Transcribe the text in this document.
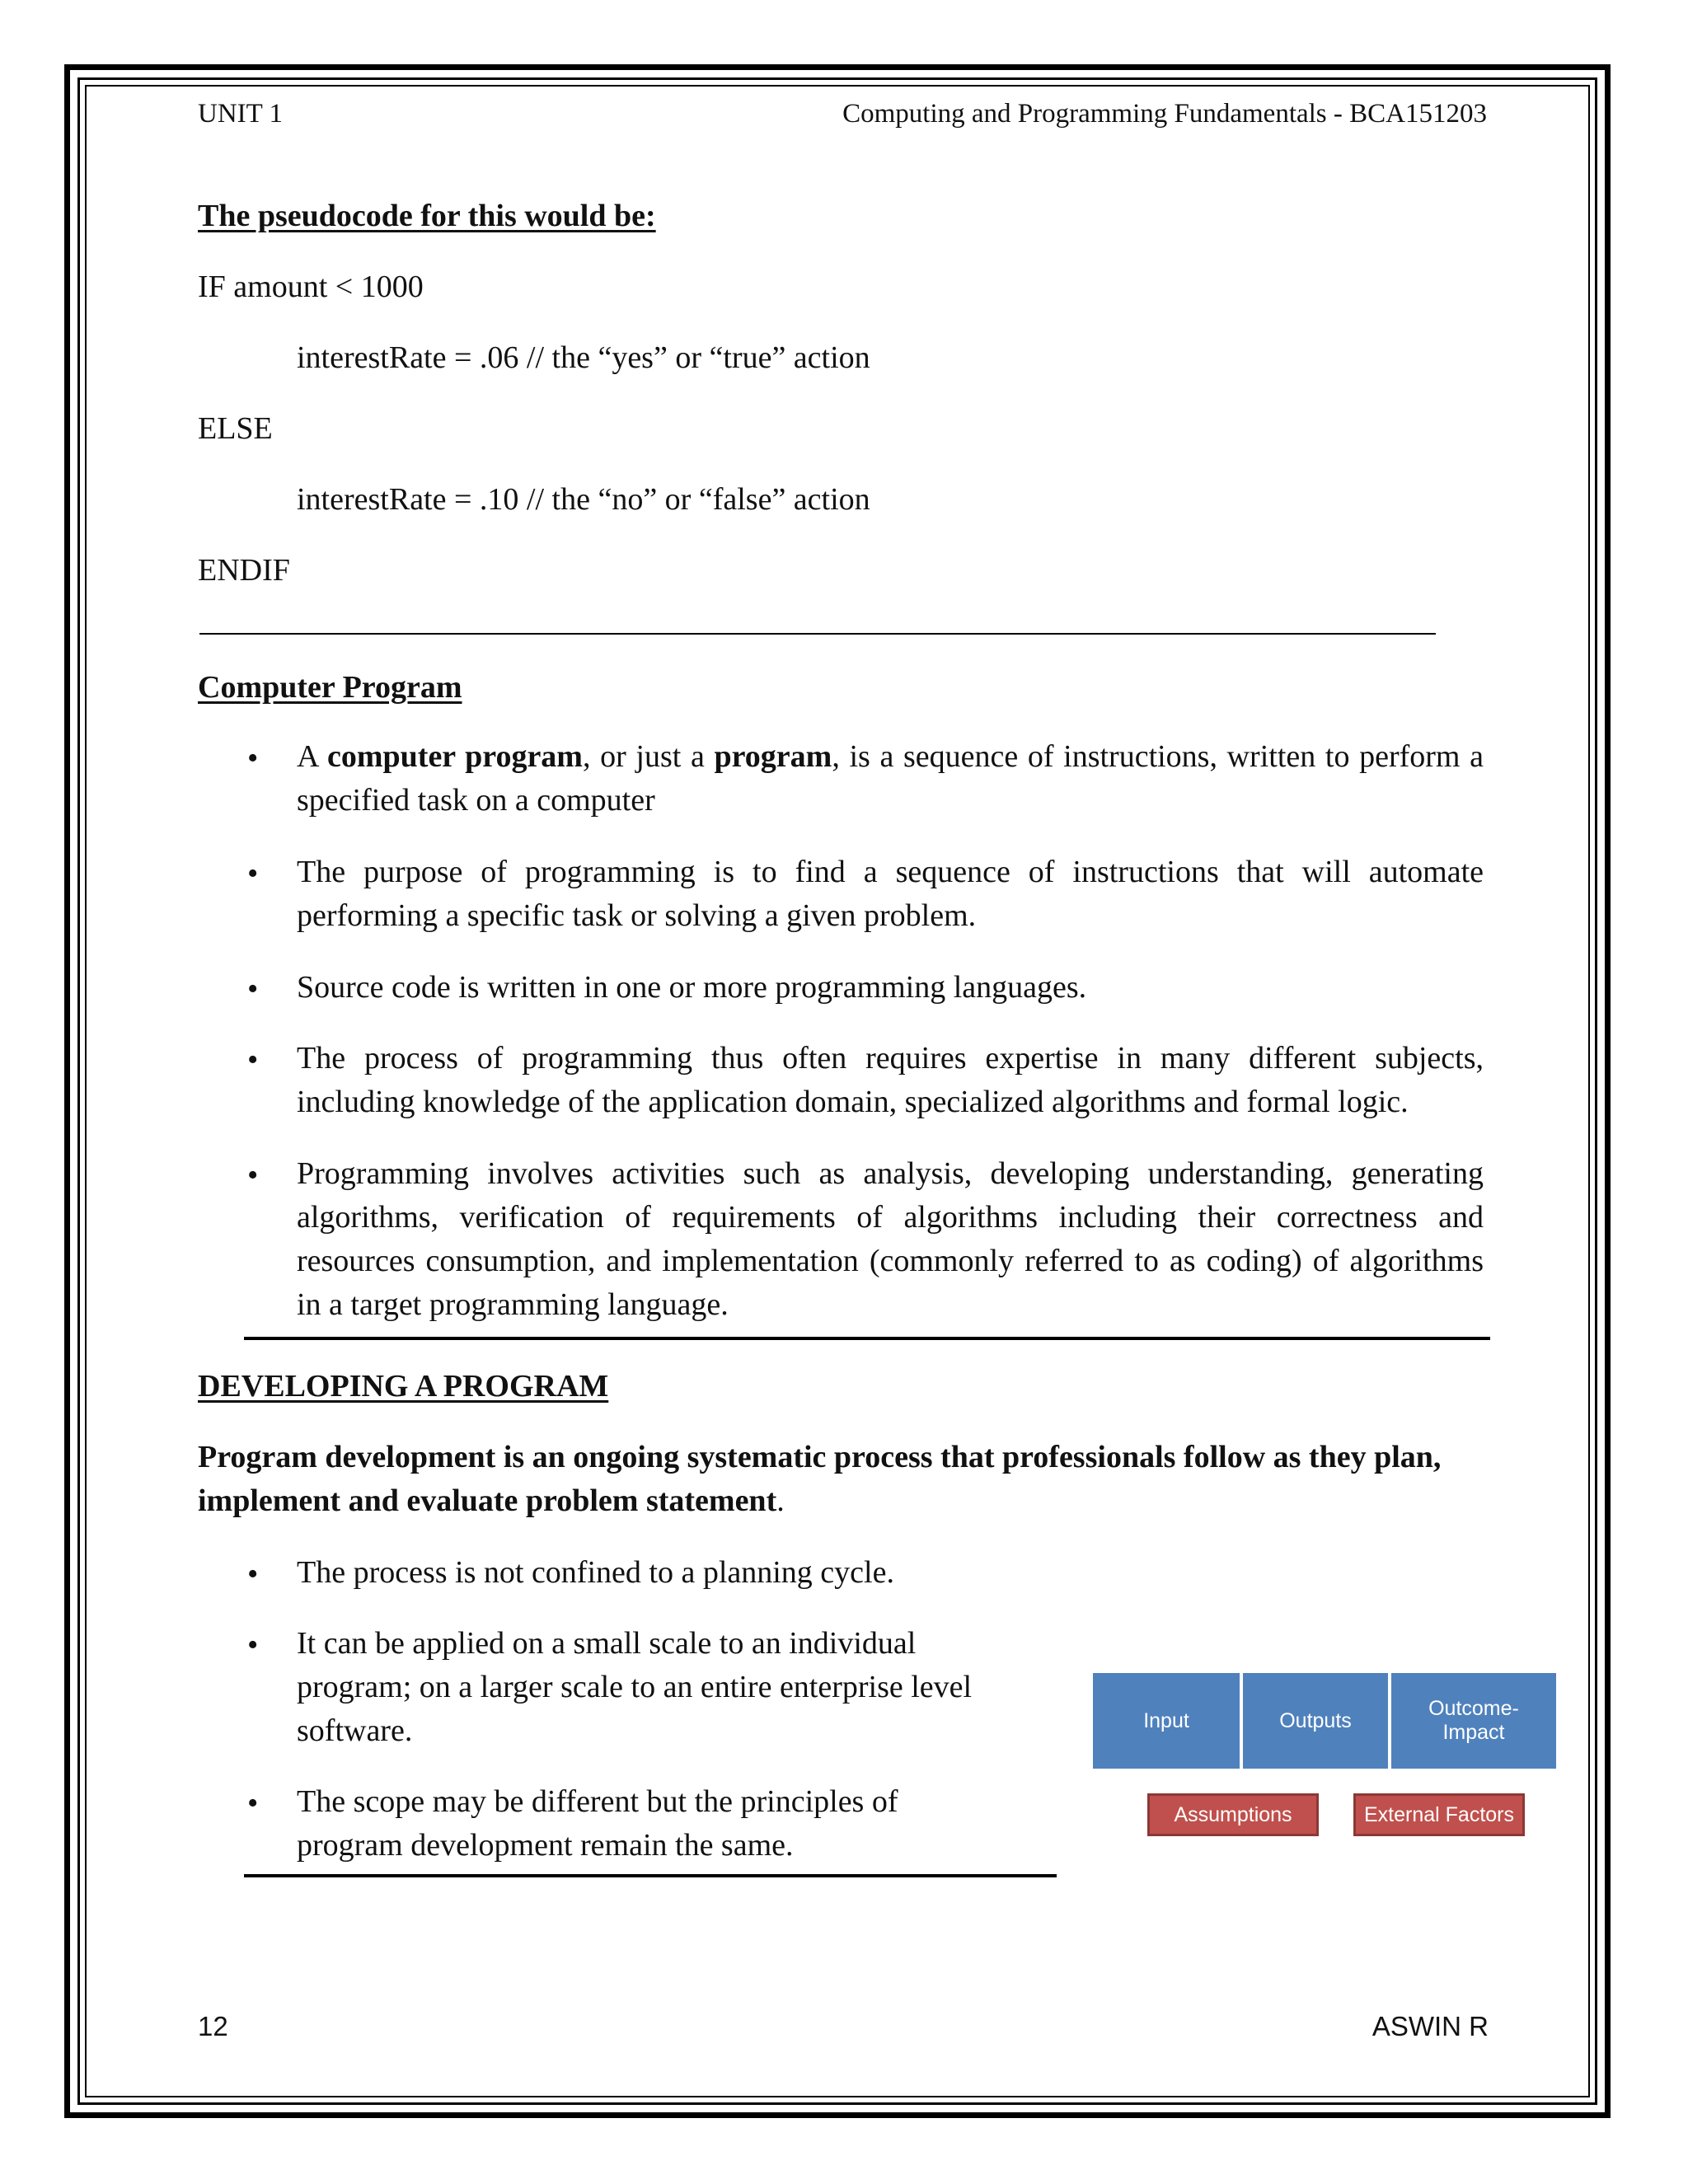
UNIT 1	Computing and Programming Fundamentals - BCA151203
The pseudocode for this would be:
IF amount < 1000
interestRate = .06 // the “yes” or “true” action
ELSE
interestRate = .10 // the “no” or “false” action
ENDIF
Computer Program
• A computer program, or just a program, is a sequence of instructions, written to perform a specified task on a computer
• The purpose of programming is to find a sequence of instructions that will automate performing a specific task or solving a given problem.
• Source code is written in one or more programming languages.
• The process of programming thus often requires expertise in many different subjects, including knowledge of the application domain, specialized algorithms and formal logic.
• Programming involves activities such as analysis, developing understanding, generating algorithms, verification of requirements of algorithms including their correctness and resources consumption, and implementation (commonly referred to as coding) of algorithms in a target programming language.
DEVELOPING A PROGRAM
Program development is an ongoing systematic process that professionals follow as they plan, implement and evaluate problem statement.
• The process is not confined to a planning cycle.
• It can be applied on a small scale to an individual program; on a larger scale to an entire enterprise level software.
• The scope may be different but the principles of program development remain the same.
Input	Outputs
Outcome-
Impact
Assumptions	External Factors
12	ASWIN R
